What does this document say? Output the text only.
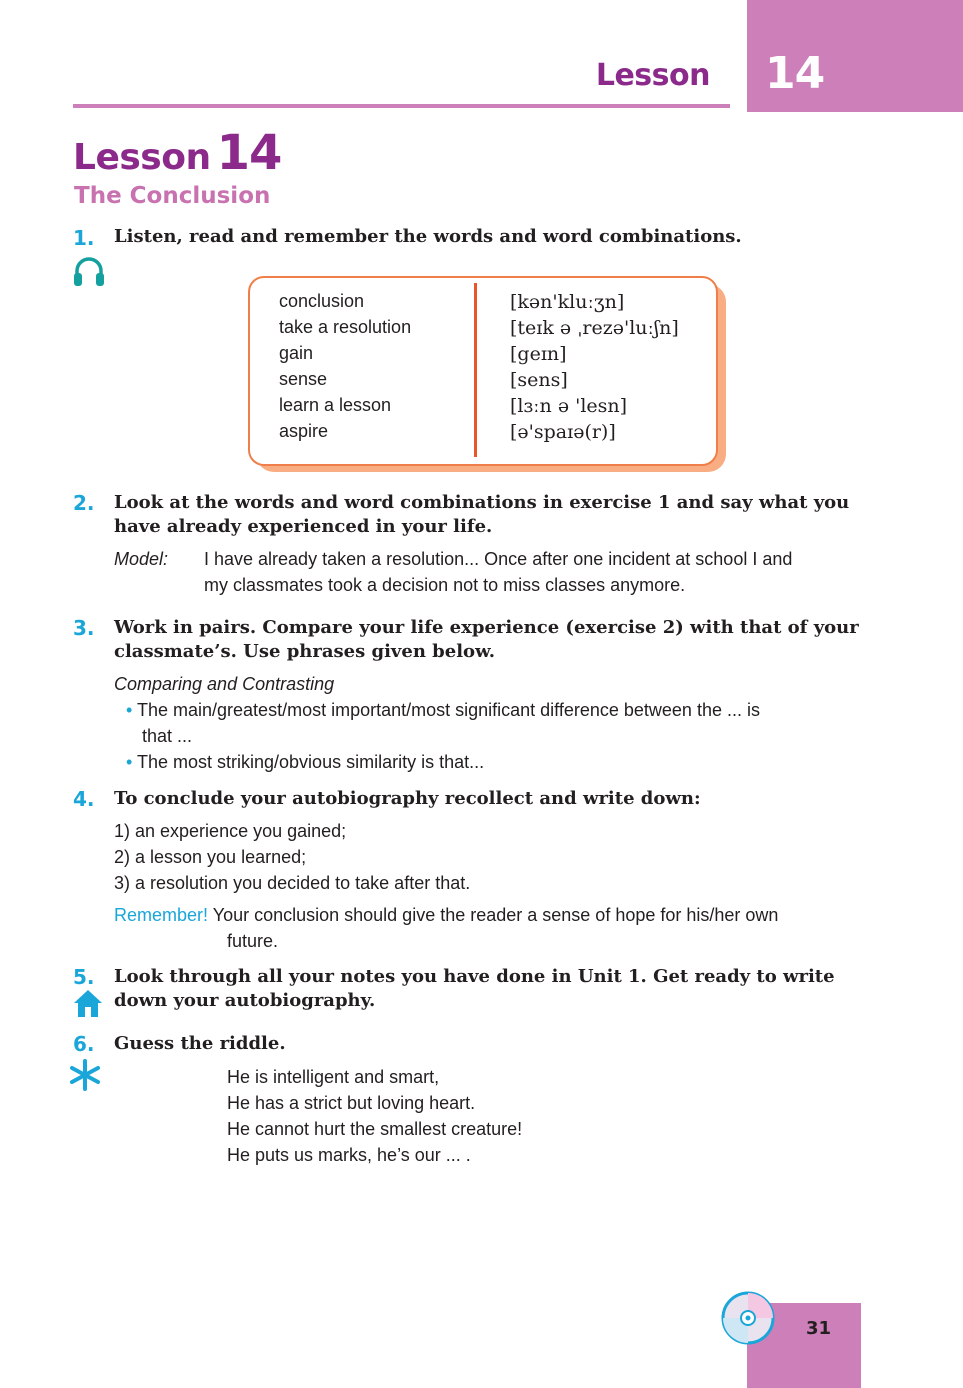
Lesson 14
Lesson 14
The Conclusion
1. Listen, read and remember the words and word combinations.
conclusion
take a resolution
gain
sense
learn a lesson
aspire
[kən'kluːʒn]
[teɪk ə ˌrezə'luːʃn]
[geɪn]
[sens]
[lɜːn ə 'lesn]
[ə'spaɪə(r)]
2. Look at the words and word combinations in exercise 1 and say what you
have already experienced in your life.
Model: I have already taken a resolution... Once after one incident at school I and
my classmates took a decision not to miss classes anymore.
3. Work in pairs. Compare your life experience (exercise 2) with that of your
classmate’s. Use phrases given below.
Comparing and Contrasting
• The main/greatest/most important/most significant difference between the ... is
that ...
• The most striking/obvious similarity is that...
4. To conclude your autobiography recollect and write down:
1) an experience you gained;
2) a lesson you learned;
3) a resolution you decided to take after that.
Remember! Your conclusion should give the reader a sense of hope for his/her own
future.
5. Look through all your notes you have done in Unit 1. Get ready to write
down your autobiography.
6. Guess the riddle.
He is intelligent and smart,
He has a strict but loving heart.
He cannot hurt the smallest creature!
He puts us marks, he’s our ... .
31
